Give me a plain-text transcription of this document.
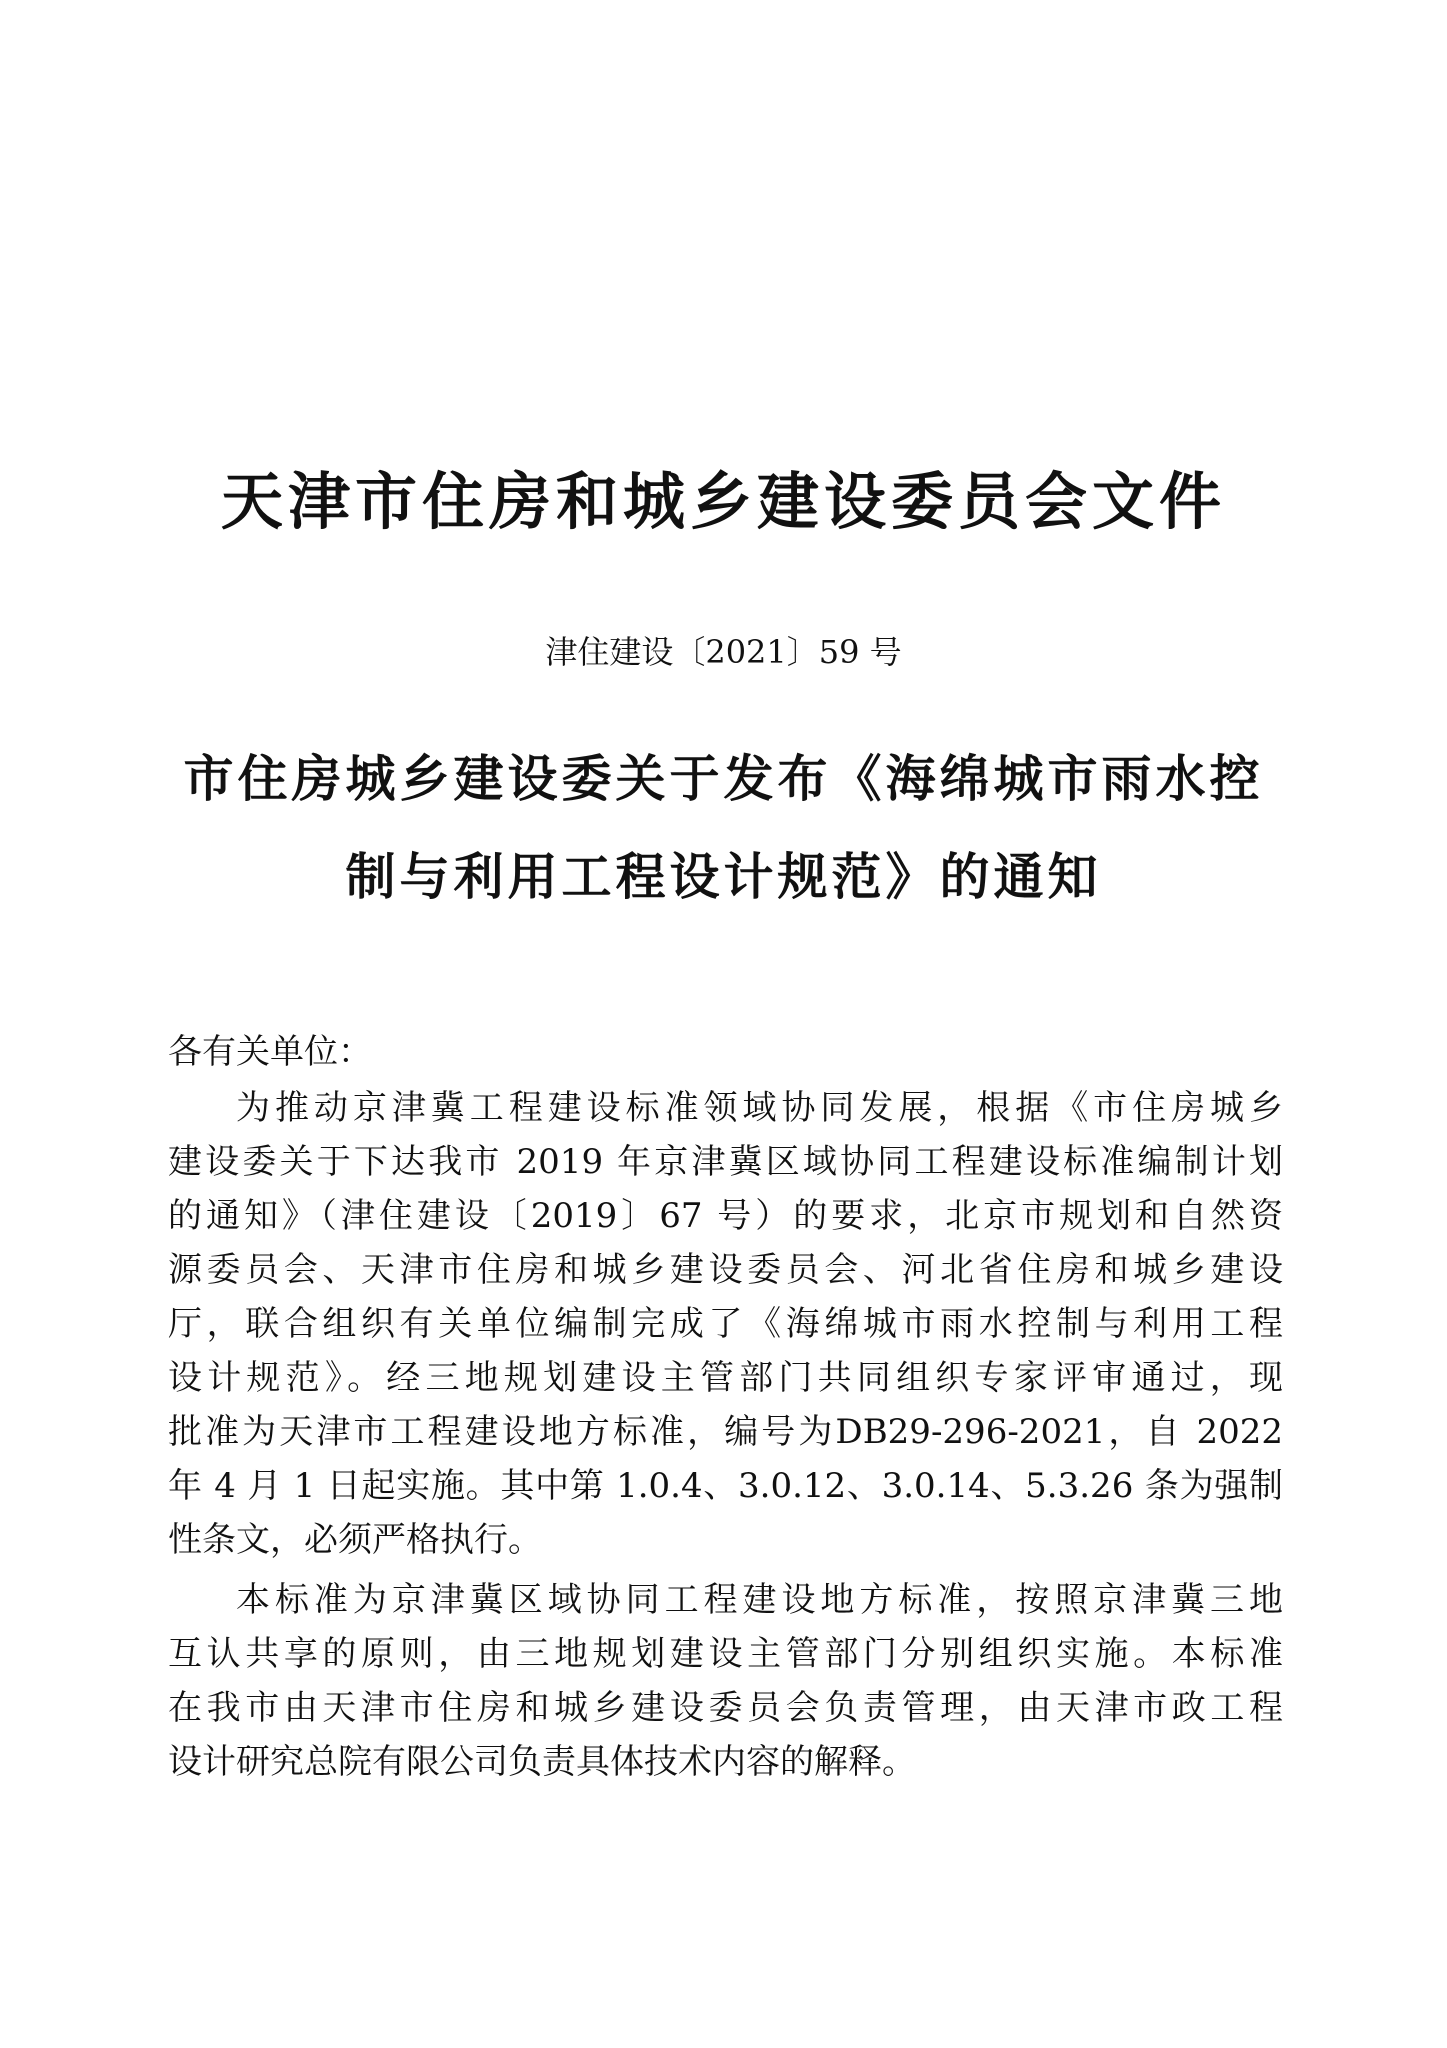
天津市住房和城乡建设委员会文件
津住建设〔2021〕59 号
市住房城乡建设委关于发布《海绵城市雨水控
制与利用工程设计规范》的通知
各有关单位：
为推动京津冀工程建设标准领域协同发展，根据《市住房城乡
建设委关于下达我市 2019 年京津冀区域协同工程建设标准编制计划
的通知》（津住建设〔2019〕67 号）的要求，北京市规划和自然资
源委员会、天津市住房和城乡建设委员会、河北省住房和城乡建设
厅，联合组织有关单位编制完成了《海绵城市雨水控制与利用工程
设计规范》。经三地规划建设主管部门共同组织专家评审通过，现
批准为天津市工程建设地方标准，编号为DB29-296-2021，自 2022
年 4 月 1 日起实施。其中第 1.0.4、3.0.12、3.0.14、5.3.26 条为强制
性条文，必须严格执行。
本标准为京津冀区域协同工程建设地方标准，按照京津冀三地
互认共享的原则，由三地规划建设主管部门分别组织实施。本标准
在我市由天津市住房和城乡建设委员会负责管理，由天津市政工程
设计研究总院有限公司负责具体技术内容的解释。
